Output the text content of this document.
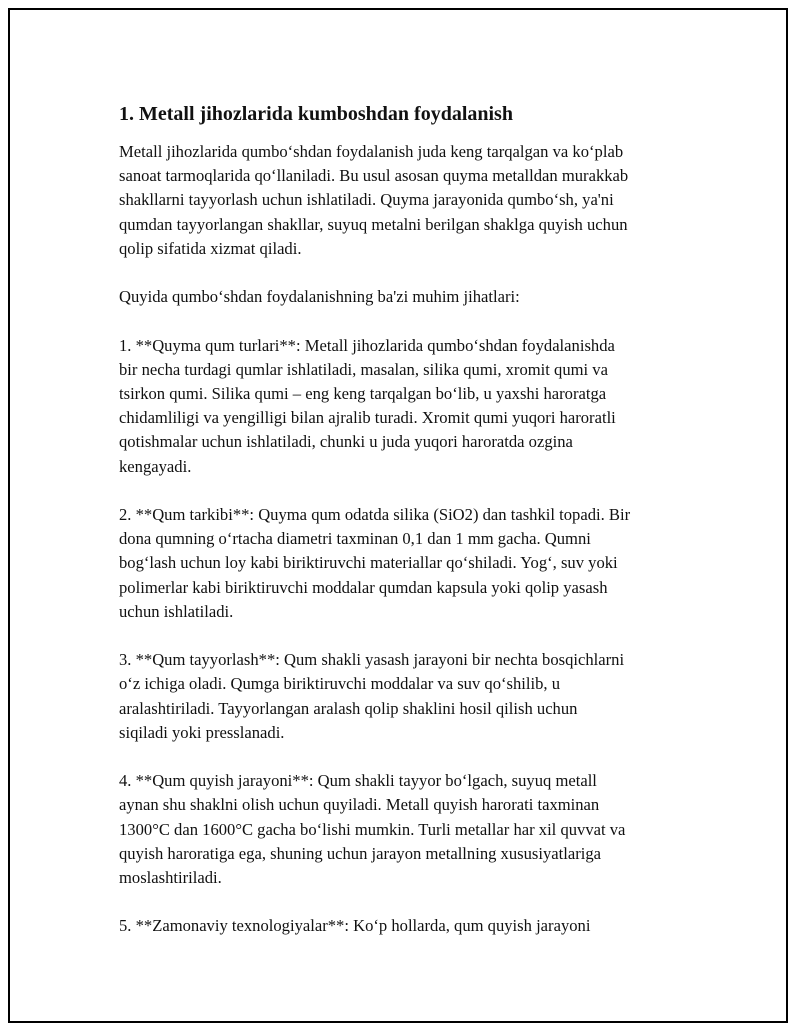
1. Metall jihozlarida kumboshdan foydalanish

Metall jihozlarida qumbo‘shdan foydalanish juda keng tarqalgan va ko‘plab
sanoat tarmoqlarida qo‘llaniladi. Bu usul asosan quyma metalldan murakkab
shakllarni tayyorlash uchun ishlatiladi. Quyma jarayonida qumbo‘sh, ya'ni
qumdan tayyorlangan shakllar, suyuq metalni berilgan shaklga quyish uchun
qolip sifatida xizmat qiladi.

Quyida qumbo‘shdan foydalanishning ba'zi muhim jihatlari:

1. **Quyma qum turlari**: Metall jihozlarida qumbo‘shdan foydalanishda
bir necha turdagi qumlar ishlatiladi, masalan, silika qumi, xromit qumi va
tsirkon qumi. Silika qumi – eng keng tarqalgan bo‘lib, u yaxshi haroratga
chidamliligi va yengilligi bilan ajralib turadi. Xromit qumi yuqori haroratli
qotishmalar uchun ishlatiladi, chunki u juda yuqori haroratda ozgina
kengayadi.

2. **Qum tarkibi**: Quyma qum odatda silika (SiO2) dan tashkil topadi. Bir
dona qumning o‘rtacha diametri taxminan 0,1 dan 1 mm gacha. Qumni
bog‘lash uchun loy kabi biriktiruvchi materiallar qo‘shiladi. Yog‘, suv yoki
polimerlar kabi biriktiruvchi moddalar qumdan kapsula yoki qolip yasash
uchun ishlatiladi.

3. **Qum tayyorlash**: Qum shakli yasash jarayoni bir nechta bosqichlarni
o‘z ichiga oladi. Qumga biriktiruvchi moddalar va suv qo‘shilib, u
aralashtiriladi. Tayyorlangan aralash qolip shaklini hosil qilish uchun
siqiladi yoki presslanadi.

4. **Qum quyish jarayoni**: Qum shakli tayyor bo‘lgach, suyuq metall
aynan shu shaklni olish uchun quyiladi. Metall quyish harorati taxminan
1300°C dan 1600°C gacha bo‘lishi mumkin. Turli metallar har xil quvvat va
quyish haroratiga ega, shuning uchun jarayon metallning xususiyatlariga
moslashtiriladi.

5. **Zamonaviy texnologiyalar**: Ko‘p hollarda, qum quyish jarayoni
